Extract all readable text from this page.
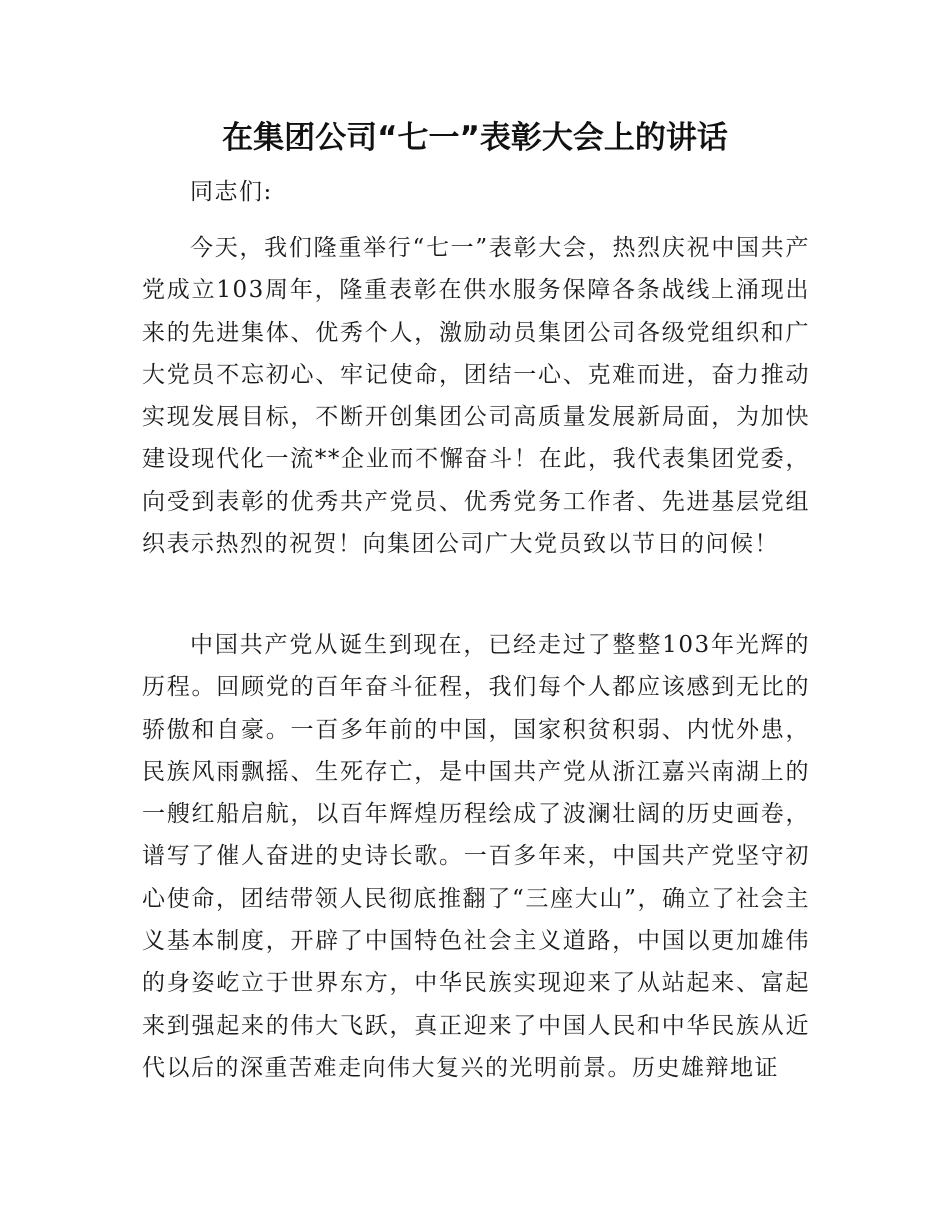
在集团公司“七一”表彰大会上的讲话

同志们:

今天，我们隆重举行“七一”表彰大会，热烈庆祝中国共产党成立103周年，隆重表彰在供水服务保障各条战线上涌现出来的先进集体、优秀个人，激励动员集团公司各级党组织和广大党员不忘初心、牢记使命，团结一心、克难而进，奋力推动实现发展目标，不断开创集团公司高质量发展新局面，为加快建设现代化一流**企业而不懈奋斗！在此，我代表集团党委，向受到表彰的优秀共产党员、优秀党务工作者、先进基层党组织表示热烈的祝贺！向集团公司广大党员致以节日的问候！

中国共产党从诞生到现在，已经走过了整整103年光辉的历程。回顾党的百年奋斗征程，我们每个人都应该感到无比的骄傲和自豪。一百多年前的中国，国家积贫积弱、内忧外患，民族风雨飘摇、生死存亡，是中国共产党从浙江嘉兴南湖上的一艘红船启航，以百年辉煌历程绘成了波澜壮阔的历史画卷，谱写了催人奋进的史诗长歌。一百多年来，中国共产党坚守初心使命，团结带领人民彻底推翻了“三座大山”，确立了社会主义基本制度，开辟了中国特色社会主义道路，中国以更加雄伟的身姿屹立于世界东方，中华民族实现迎来了从站起来、富起来到强起来的伟大飞跃，真正迎来了中国人民和中华民族从近代以后的深重苦难走向伟大复兴的光明前景。历史雄辩地证
